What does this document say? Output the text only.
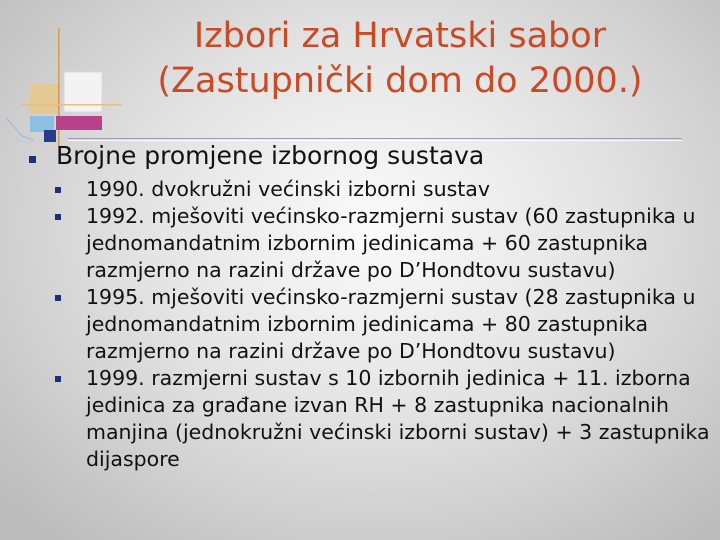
Izbori za Hrvatski sabor
(Zastupnički dom do 2000.)
Brojne promjene izbornog sustava
1990. dvokružni većinski izborni sustav
1992. mješoviti većinsko-razmjerni sustav (60 zastupnika u jednomandatnim izbornim jedinicama + 60 zastupnika razmjerno na razini države po D’Hondtovu sustavu)
1995. mješoviti većinsko-razmjerni sustav (28 zastupnika u jednomandatnim izbornim jedinicama + 80 zastupnika razmjerno na razini države po D’Hondtovu sustavu)
1999. razmjerni sustav s 10 izbornih jedinica + 11. izborna jedinica za građane izvan RH + 8 zastupnika nacionalnih manjina (jednokružni većinski izborni sustav) + 3 zastupnika dijaspore
